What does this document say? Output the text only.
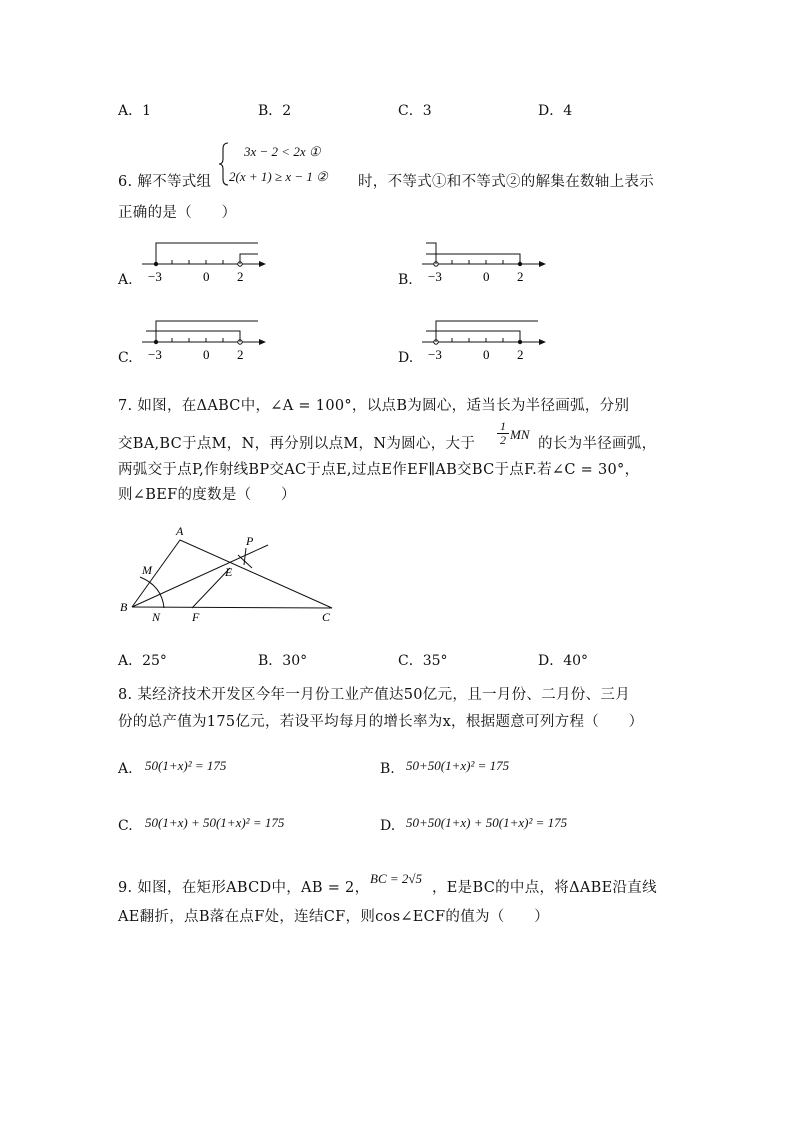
A．1	B．2	C．3	D．4
6. 解不等式组
3x − 2 < 2x ①
2(x + 1) ≥ x − 1 ② 时，不等式①和不等式②的解集在数轴上表示
正确的是（　　）
A. −3	0 2	B. −3	0 2
C. −3	0 2	D. −3	0 2
7. 如图，在ΔABC中，∠A = 100°，以点B为圆心，适当长为半径画弧，分别
交BA,BC于点M，N，再分别以点M，N为圆心，大于 $\frac{1}{2}$ MN
的长为半径画弧，
两弧交于点P,作射线BP交AC于点E,过点E作EF∥AB交BC于点F.若∠C = 30°，
则∠BEF的度数是（　　）
A
B
C
M
N
E
F
P
A．25°	B．30°	C．35°	D．40°
8. 某经济技术开发区今年一月份工业产值达50亿元，且一月份、二月份、三月
份的总产值为175亿元，若设平均每月的增长率为x，根据题意可列方程（　　）
A. 50(1+x)² = 175	B. 50+50(1+x)² = 175
C. 50(1+x) + 50(1+x)² = 175	D. 50+50(1+x) + 50(1+x)² = 175
9. 如图，在矩形ABCD中，AB = 2，
BC = 2√5
，E是BC的中点，将ΔABE沿直线
AE翻折，点B落在点F处，连结CF，则cos∠ECF的值为（　　）
